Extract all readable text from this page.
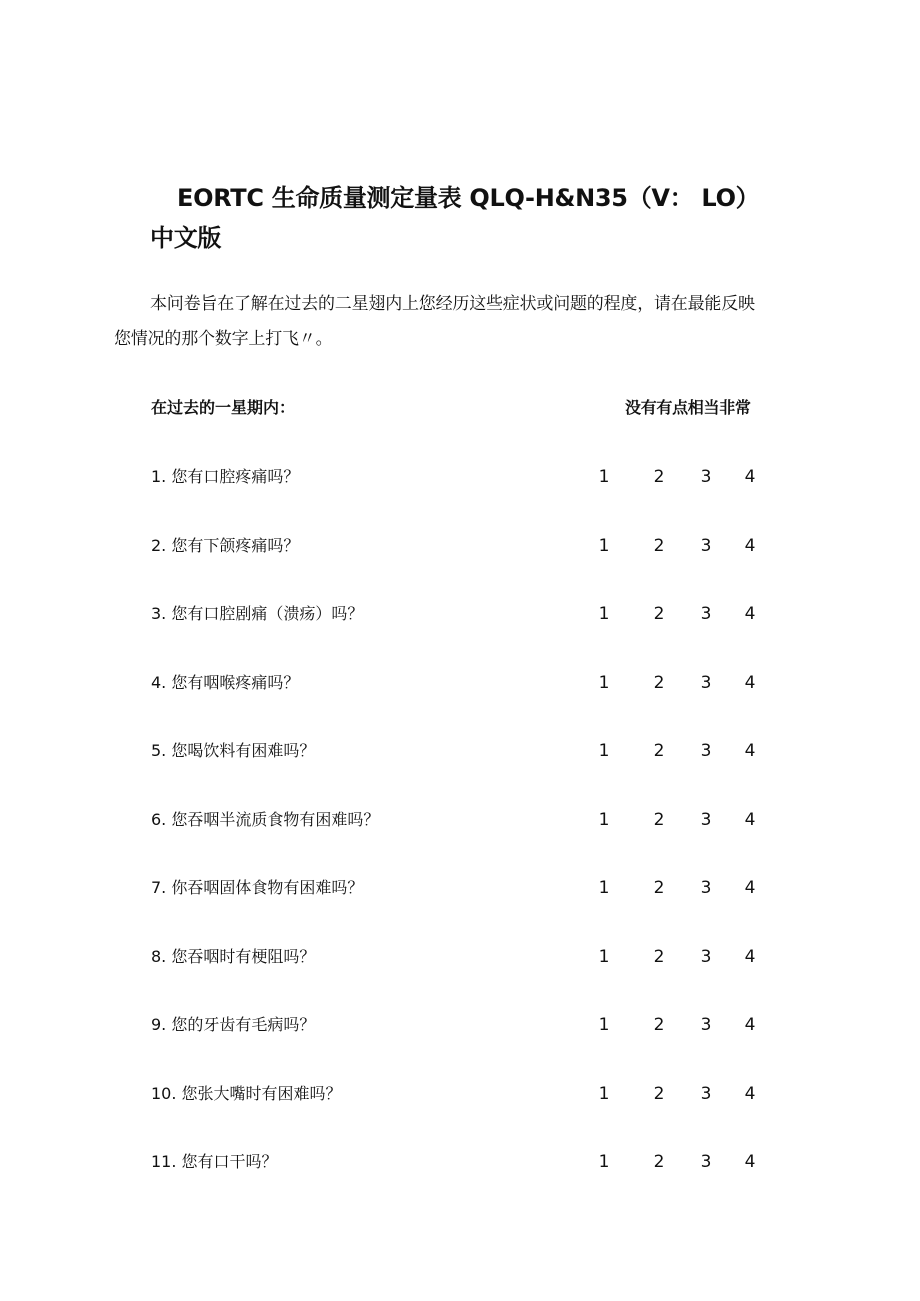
EORTC 生命质量测定量表 QLQ-H&N35（V： LO）中文版
本问卷旨在了解在过去的二星翅内上您经历这些症状或问题的程度，请在最能反映您情况的那个数字上打飞〃。
在过去的一星期内：	没有有点相当非常
1. 您有口腔疼痛吗？	1	2	3	4
2. 您有下颌疼痛吗？	1	2	3	4
3. 您有口腔剧痛（溃疡）吗？	1	2	3	4
4. 您有咽喉疼痛吗？	1	2	3	4
5. 您喝饮料有困难吗？	1	2	3	4
6. 您吞咽半流质食物有困难吗？	1	2	3	4
7. 你吞咽固体食物有困难吗？	1	2	3	4
8. 您吞咽时有梗阻吗？	1	2	3	4
9. 您的牙齿有毛病吗？	1	2	3	4
10. 您张大嘴时有困难吗？	1	2	3	4
11. 您有口干吗？	1	2	3	4
